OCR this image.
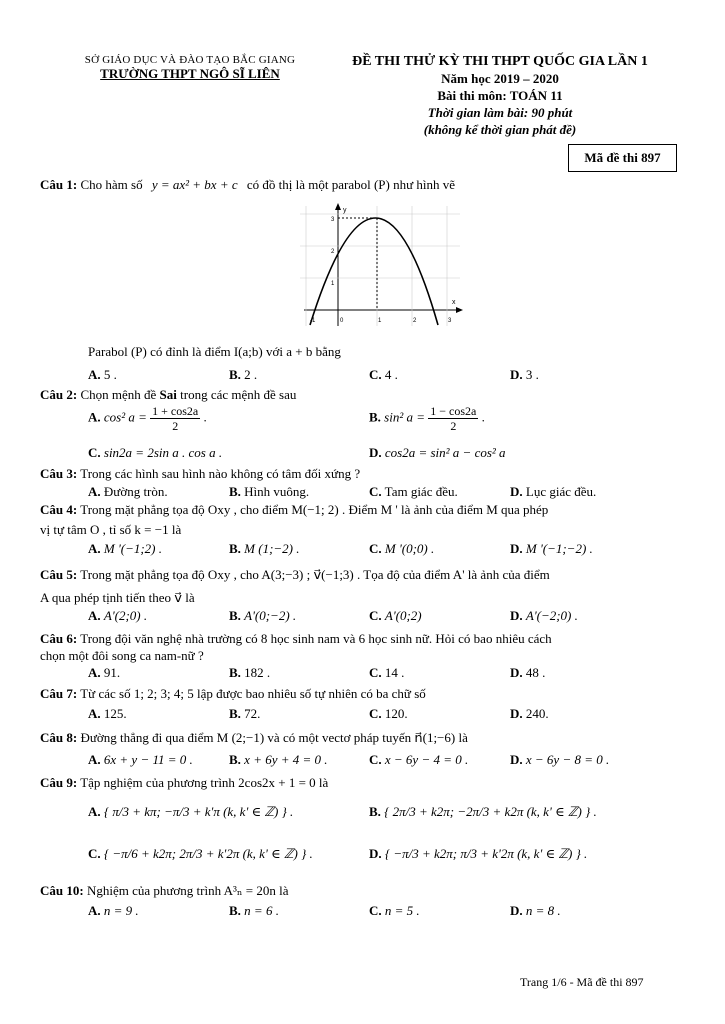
SỞ GIÁO DỤC VÀ ĐÀO TẠO BẮC GIANG
TRƯỜNG THPT NGÔ SĨ LIÊN
ĐỀ THI THỬ KỲ THI THPT QUỐC GIA LẦN 1
Năm học 2019 – 2020
Bài thi môn: TOÁN 11
Thời gian làm bài: 90 phút
(không kể thời gian phát đề)
Mã đề thi 897
Câu 1: Cho hàm số y = ax² + bx + c có đồ thị là một parabol (P) như hình vẽ
y
x
-1	0	1	2	3
1
2
3
Parabol (P) có đỉnh là điểm I(a;b) với a + b bằng
A. 5 .	B. 2 .	C. 4 .	D. 3 .
Câu 2: Chọn mệnh đề Sai trong các mệnh đề sau
A. cos² $a = \frac{1 + \cos 2a}{2}$ .	B. sin² $a = \frac{1 - \cos 2a}{2}$ .
C. sin2a = 2sin a . cos a .	D. cos2a = sin² a − cos² a
Câu 3: Trong các hình sau hình nào không có tâm đối xứng ?
A. Đường tròn.	B. Hình vuông.	C. Tam giác đều.	D. Lục giác đều.
Câu 4: Trong mặt phẳng tọa độ Oxy , cho điểm M(−1; 2) . Điểm M ' là ảnh của điểm M qua phép
vị tự tâm O , tỉ số k = −1 là
A. M '(−1;2) .	B. M (1;−2) .	C. M '(0;0) .	D. M '(−1;−2) .
Câu 5: Trong mặt phẳng tọa độ Oxy , cho A(3;−3) ; v⃗(−1;3) . Tọa độ của điểm A' là ảnh của điểm
A qua phép tịnh tiến theo v⃗ là
A. A'(2;0) .	B. A'(0;−2) .	C. A'(0;2)	D. A'(−2;0) .
Câu 6: Trong đội văn nghệ nhà trường có 8 học sinh nam và 6 học sinh nữ. Hỏi có bao nhiêu cách
chọn một đôi song ca nam-nữ ?
A. 91.	B. 182 .	C. 14 .	D. 48 .
Câu 7: Từ các số 1; 2; 3; 4; 5 lập được bao nhiêu số tự nhiên có ba chữ số
A. 125.	B. 72.	C. 120.	D. 240.
Câu 8: Đường thẳng đi qua điểm M (2;−1) và có một vectơ pháp tuyến n⃗(1;−6) là
A. 6x + y − 11 = 0 .	B. x + 6y + 4 = 0 .	C. x − 6y − 4 = 0 .	D. x − 6y − 8 = 0 .
Câu 9: Tập nghiệm của phương trình 2cos2x + 1 = 0 là
A. { π/3 + kπ; −π/3 + k'π (k, k' ∈ ℤ) } .	B. { 2π/3 + k2π; −2π/3 + k2π (k, k' ∈ ℤ) } .
C. { −π/6 + k2π; 2π/3 + k'2π (k, k' ∈ ℤ) } .	D. { −π/3 + k2π; π/3 + k'2π (k, k' ∈ ℤ) } .
Câu 10: Nghiệm của phương trình A³ₙ = 20n là
A. n = 9 .	B. n = 6 .	C. n = 5 .	D. n = 8 .
Trang 1/6 - Mã đề thi 897
